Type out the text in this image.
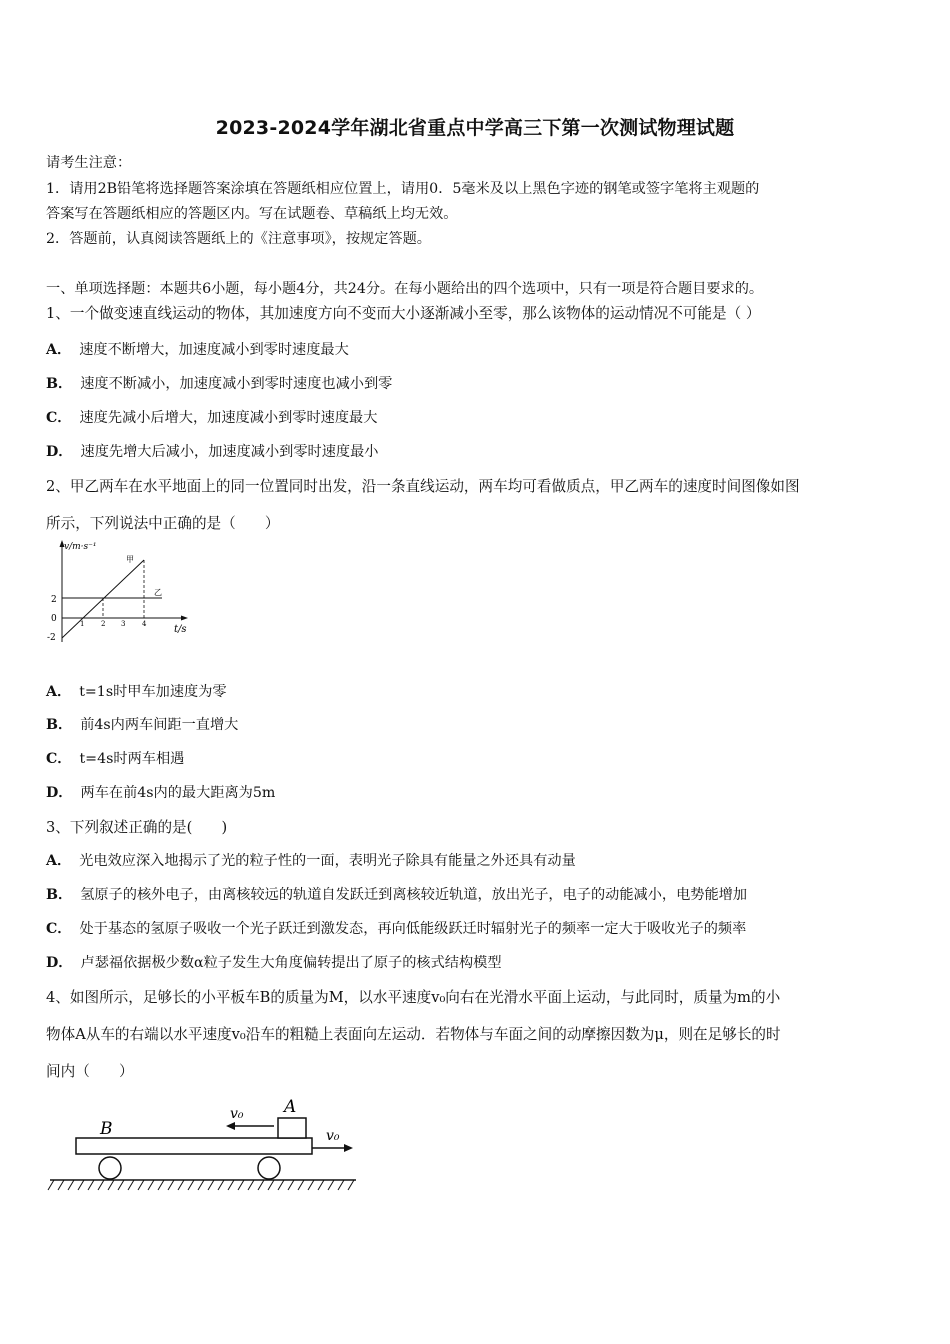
2023-2024学年湖北省重点中学高三下第一次测试物理试题
请考生注意：
1．请用2B铅笔将选择题答案涂填在答题纸相应位置上，请用0．5毫米及以上黑色字迹的钢笔或签字笔将主观题的
答案写在答题纸相应的答题区内。写在试题卷、草稿纸上均无效。
2．答题前，认真阅读答题纸上的《注意事项》，按规定答题。
一、单项选择题：本题共6小题，每小题4分，共24分。在每小题给出的四个选项中，只有一项是符合题目要求的。
1、一个做变速直线运动的物体，其加速度方向不变而大小逐渐减小至零，那么该物体的运动情况不可能是（ ）
A． 速度不断增大，加速度减小到零时速度最大
B． 速度不断减小，加速度减小到零时速度也减小到零
C． 速度先减小后增大，加速度减小到零时速度最大
D． 速度先增大后减小，加速度减小到零时速度最小
2、甲乙两车在水平地面上的同一位置同时出发，沿一条直线运动，两车均可看做质点，甲乙两车的速度时间图像如图
所示，下列说法中正确的是（　　）
v/m·s⁻¹
t/s
2
0
-2
1 2 3 4
甲
乙
A． t=1s时甲车加速度为零
B． 前4s内两车间距一直增大
C． t=4s时两车相遇
D． 两车在前4s内的最大距离为5m
3、下列叙述正确的是(　　)
A． 光电效应深入地揭示了光的粒子性的一面，表明光子除具有能量之外还具有动量
B． 氢原子的核外电子，由离核较远的轨道自发跃迁到离核较近轨道，放出光子，电子的动能减小，电势能增加
C． 处于基态的氢原子吸收一个光子跃迁到激发态，再向低能级跃迁时辐射光子的频率一定大于吸收光子的频率
D． 卢瑟福依据极少数α粒子发生大角度偏转提出了原子的核式结构模型
4、如图所示，足够长的小平板车B的质量为M，以水平速度v₀向右在光滑水平面上运动，与此同时，质量为m的小
物体A从车的右端以水平速度v₀沿车的粗糙上表面向左运动．若物体与车面之间的动摩擦因数为μ，则在足够长的时
间内（　　）
B
A
v₀
v₀
